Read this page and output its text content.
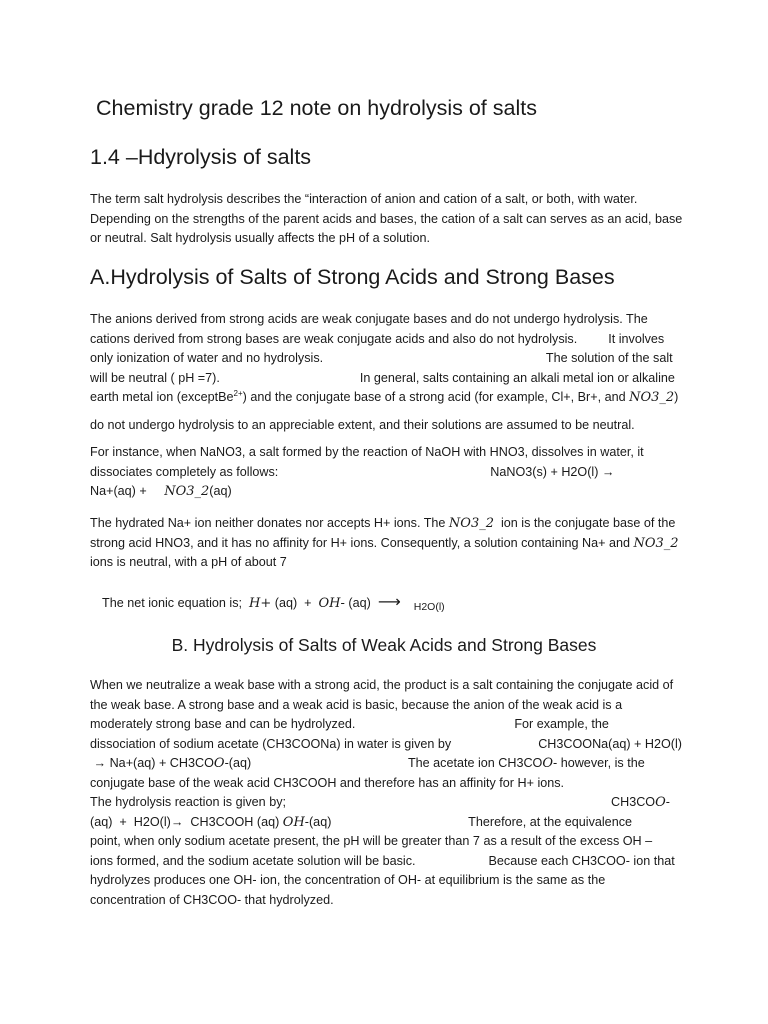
Chemistry grade 12 note on hydrolysis of salts
1.4 –Hdyrolysis of salts
The term salt hydrolysis describes the “interaction of anion and cation of a salt, or both, with water.
Depending on the strengths of the parent acids and bases, the cation of a salt can serves as an acid, base
or neutral. Salt hydrolysis usually affects the pH of a solution.
A.Hydrolysis of Salts of Strong Acids and Strong Bases
The anions derived from strong acids are weak conjugate bases and do not undergo hydrolysis. The
cations derived from strong bases are weak conjugate acids and also do not hydrolysis. It involves
only ionization of water and no hydrolysis.	The solution of the salt
will be neutral ( pH =7).	In general, salts containing an alkali metal ion or alkaline
earth metal ion (exceptBe$^{2+}$) and the conjugate base of a strong acid (for example, Cl+, Br+, and NO3_2)
do not undergo hydrolysis to an appreciable extent, and their solutions are assumed to be neutral.
For instance, when NaNO3, a salt formed by the reaction of NaOH with HNO3, dissolves in water, it
dissociates completely as follows:	NaNO3(s) + H2O(l) →
Na+(aq) +     NO3_2(aq)
The hydrated Na+ ion neither donates nor accepts H+ ions. The NO3_2  ion is the conjugate base of the
strong acid HNO3, and it has no affinity for H+ ions. Consequently, a solution containing Na+ and NO3_2
ions is neutral, with a pH of about 7
The net ionic equation is;  H+ (aq)  +  OH- (aq)  ⟶ $_{H2O(l)}$
B. Hydrolysis of Salts of Weak Acids and Strong Bases
When we neutralize a weak base with a strong acid, the product is a salt containing the conjugate acid of
the weak base. A strong base and a weak acid is basic, because the anion of the weak acid is a
moderately strong base and can be hydrolyzed.	For example, the
dissociation of sodium acetate (CH3COONa) in water is given by	CH3COONa(aq) + H2O(l)
→ Na+(aq) + CH3COO-(aq)	The acetate ion CH3COO- however, is the
conjugate base of the weak acid CH3COOH and therefore has an affinity for H+ ions.
The hydrolysis reaction is given by;	CH3COO-
(aq)  +  H2O(l)→  CH3COOH (aq) OH-(aq)	Therefore, at the equivalence
point, when only sodium acetate present, the pH will be greater than 7 as a result of the excess OH –
ions formed, and the sodium acetate solution will be basic.	Because each CH3COO- ion that
hydrolyzes produces one OH- ion, the concentration of OH- at equilibrium is the same as the
concentration of CH3COO- that hydrolyzed.
